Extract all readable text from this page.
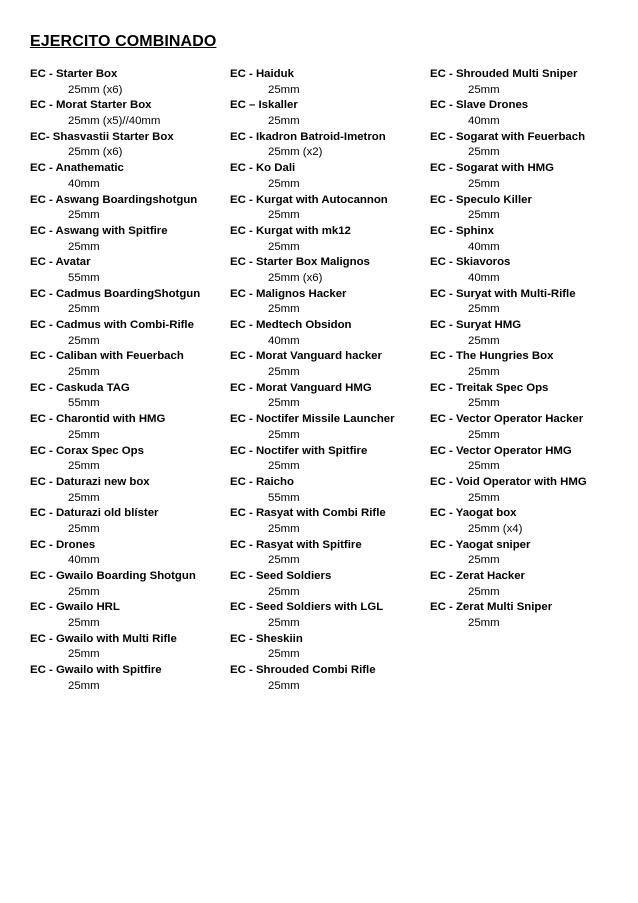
EJERCITO COMBINADO
EC - Starter Box
25mm (x6)
EC - Morat Starter Box
25mm (x5)//40mm
EC- Shasvastii Starter Box
25mm (x6)
EC - Anathematic
40mm
EC - Aswang Boardingshotgun
25mm
EC - Aswang with Spitfire
25mm
EC - Avatar
55mm
EC - Cadmus BoardingShotgun
25mm
EC - Cadmus with Combi-Rifle
25mm
EC - Caliban with Feuerbach
25mm
EC - Caskuda TAG
55mm
EC - Charontid with HMG
25mm
EC - Corax Spec Ops
25mm
EC - Daturazi new box
25mm
EC - Daturazi old blíster
25mm
EC - Drones
40mm
EC - Gwailo Boarding Shotgun
25mm
EC - Gwailo HRL
25mm
EC - Gwailo with Multi Rifle
25mm
EC - Gwailo with Spitfire
25mm
EC - Haiduk
25mm
EC – Iskaller
25mm
EC - Ikadron Batroid-Imetron
25mm (x2)
EC - Ko Dali
25mm
EC - Kurgat with Autocannon
25mm
EC - Kurgat with mk12
25mm
EC - Starter Box Malignos
25mm (x6)
EC - Malignos Hacker
25mm
EC - Medtech Obsidon
40mm
EC - Morat Vanguard hacker
25mm
EC - Morat Vanguard HMG
25mm
EC - Noctifer Missile Launcher
25mm
EC - Noctifer with Spitfire
25mm
EC - Raicho
55mm
EC - Rasyat with Combi Rifle
25mm
EC - Rasyat with Spitfire
25mm
EC - Seed Soldiers
25mm
EC - Seed Soldiers with LGL
25mm
EC - Sheskiin
25mm
EC - Shrouded Combi Rifle
25mm
EC - Shrouded Multi Sniper
25mm
EC - Slave Drones
40mm
EC - Sogarat with Feuerbach
25mm
EC - Sogarat with HMG
25mm
EC - Speculo Killer
25mm
EC - Sphinx
40mm
EC - Skiavoros
40mm
EC - Suryat with Multi-Rifle
25mm
EC - Suryat HMG
25mm
EC - The Hungries Box
25mm
EC - Treitak Spec Ops
25mm
EC - Vector Operator Hacker
25mm
EC - Vector Operator HMG
25mm
EC - Void Operator with HMG
25mm
EC - Yaogat box
25mm (x4)
EC - Yaogat sniper
25mm
EC - Zerat Hacker
25mm
EC - Zerat Multi Sniper
25mm
